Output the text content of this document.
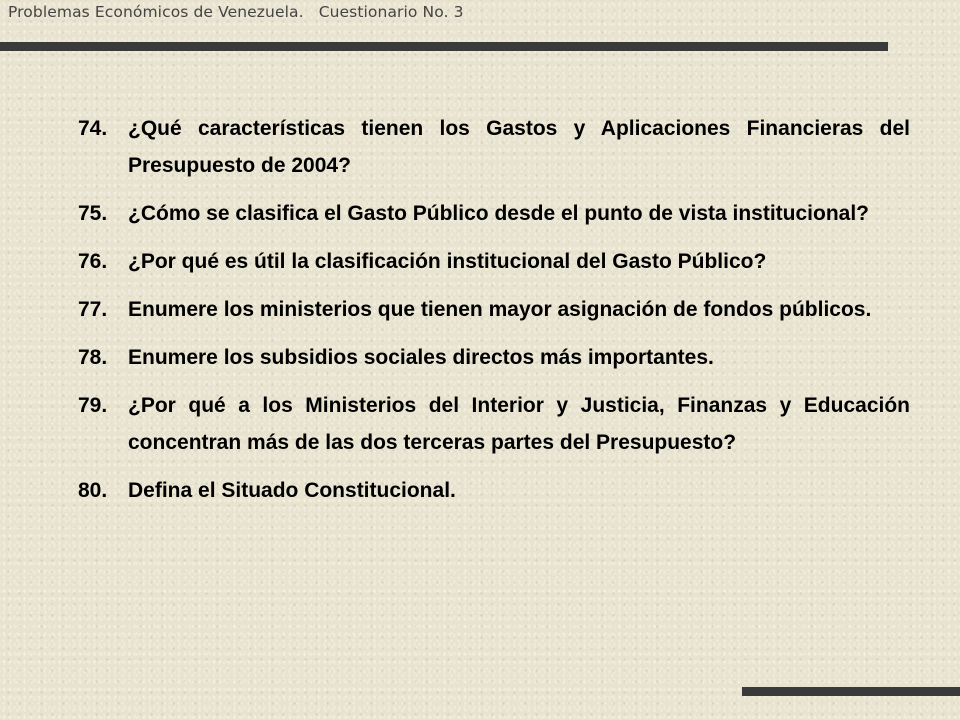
Problemas Económicos de Venezuela.   Cuestionario No. 3
74. ¿Qué características tienen los Gastos y Aplicaciones Financieras del Presupuesto de 2004?
75. ¿Cómo se clasifica el Gasto Público desde el punto de vista institucional?
76. ¿Por qué es útil la clasificación institucional del Gasto Público?
77. Enumere los ministerios que tienen mayor asignación de fondos públicos.
78. Enumere los subsidios sociales directos más importantes.
79. ¿Por qué a los Ministerios del Interior y Justicia, Finanzas y Educación concentran más de las dos terceras partes del Presupuesto?
80. Defina el Situado Constitucional.
